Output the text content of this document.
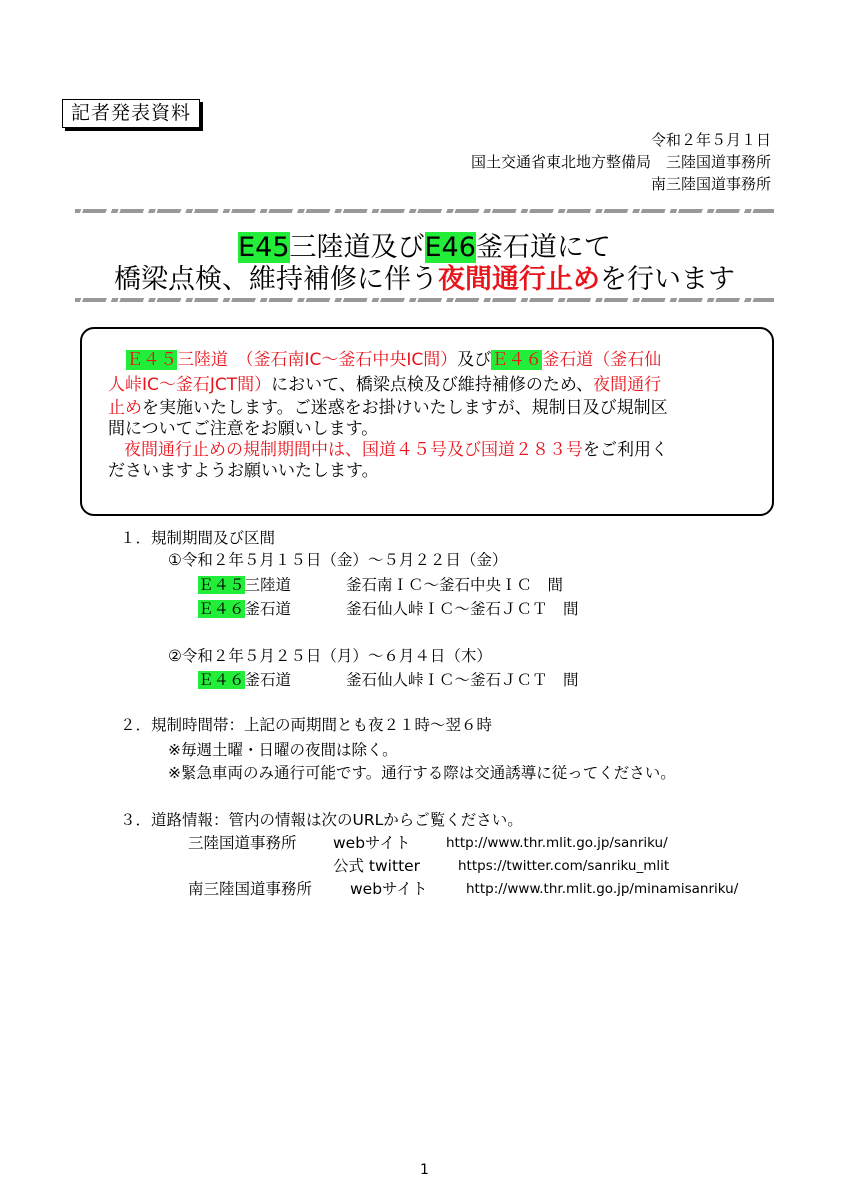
記者発表資料
令和２年５月１日
国土交通省東北地方整備局　三陸国道事務所
南三陸国道事務所
E45三陸道及びE46釜石道にて
橋梁点検、維持補修に伴う夜間通行止めを行います
Ｅ４５三陸道　（釜石南IC～釜石中央IC間）及びＥ４６釜石道（釜石仙
人峠IC～釜石JCT間）において、橋梁点検及び維持補修のため、夜間通行
止めを実施いたします。ご迷惑をお掛けいたしますが、規制日及び規制区
間についてご注意をお願いします。
夜間通行止めの規制期間中は、国道４５号及び国道２８３号をご利用く
ださいますようお願いいたします。
１．規制期間及び区間
①令和２年５月１５日（金）～５月２２日（金）
Ｅ４５三陸道	釜石南ＩＣ～釜石中央ＩＣ　間
Ｅ４６釜石道	釜石仙人峠ＩＣ～釜石ＪＣＴ　間
②令和２年５月２５日（月）～６月４日（木）
Ｅ４６釜石道	釜石仙人峠ＩＣ～釜石ＪＣＴ　間
２．規制時間帯：上記の両期間とも夜２１時～翌６時
※毎週土曜・日曜の夜間は除く。
※緊急車両のみ通行可能です。通行する際は交通誘導に従ってください。
３．道路情報：管内の情報は次のURLからご覧ください。
三陸国道事務所 webサイト	http://www.thr.mlit.go.jp/sanriku/
公式 twitter	https://twitter.com/sanriku_mlit
南三陸国道事務所 webサイト	http://www.thr.mlit.go.jp/minamisanriku/
1
